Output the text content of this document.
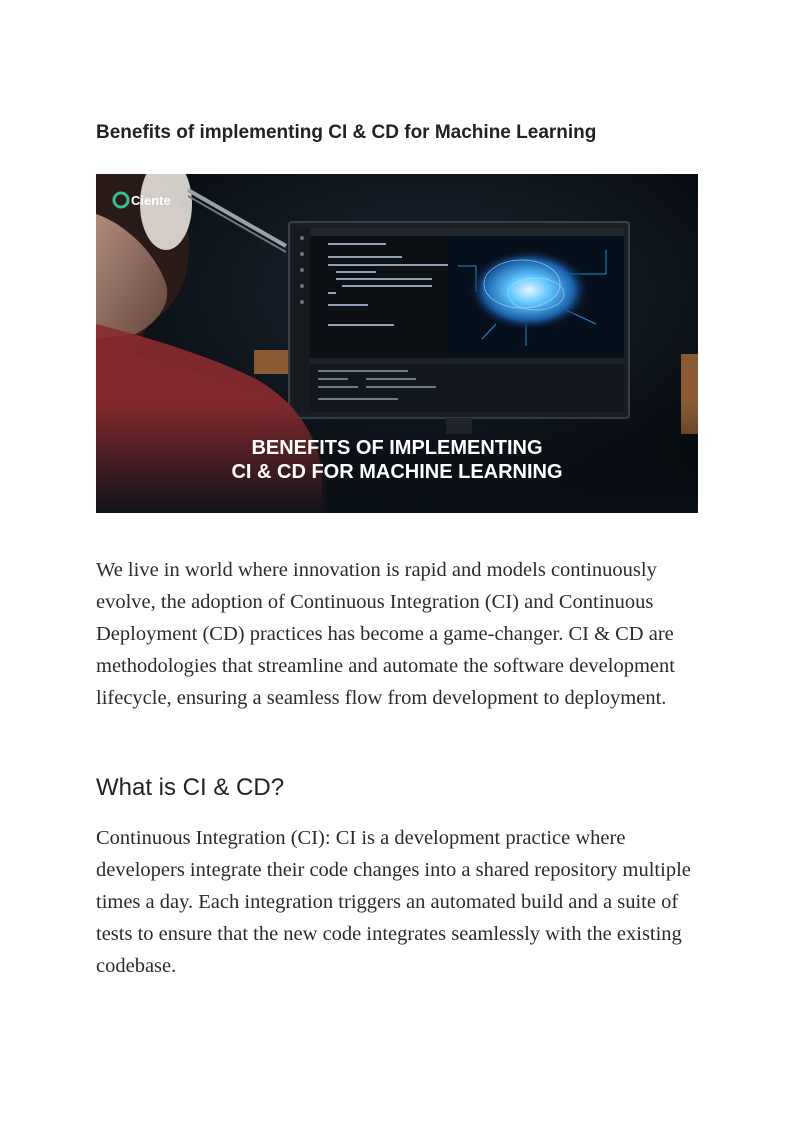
Benefits of implementing CI & CD for Machine Learning
Ciente
BENEFITS OF IMPLEMENTING
CI & CD FOR MACHINE LEARNING

We live in world where innovation is rapid and models continuously evolve, the adoption of Continuous Integration (CI) and Continuous Deployment (CD) practices has become a game-changer. CI & CD are methodologies that streamline and automate the software development lifecycle, ensuring a seamless flow from development to deployment.

What is CI & CD?

Continuous Integration (CI): CI is a development practice where developers integrate their code changes into a shared repository multiple times a day. Each integration triggers an automated build and a suite of tests to ensure that the new code integrates seamlessly with the existing codebase.
